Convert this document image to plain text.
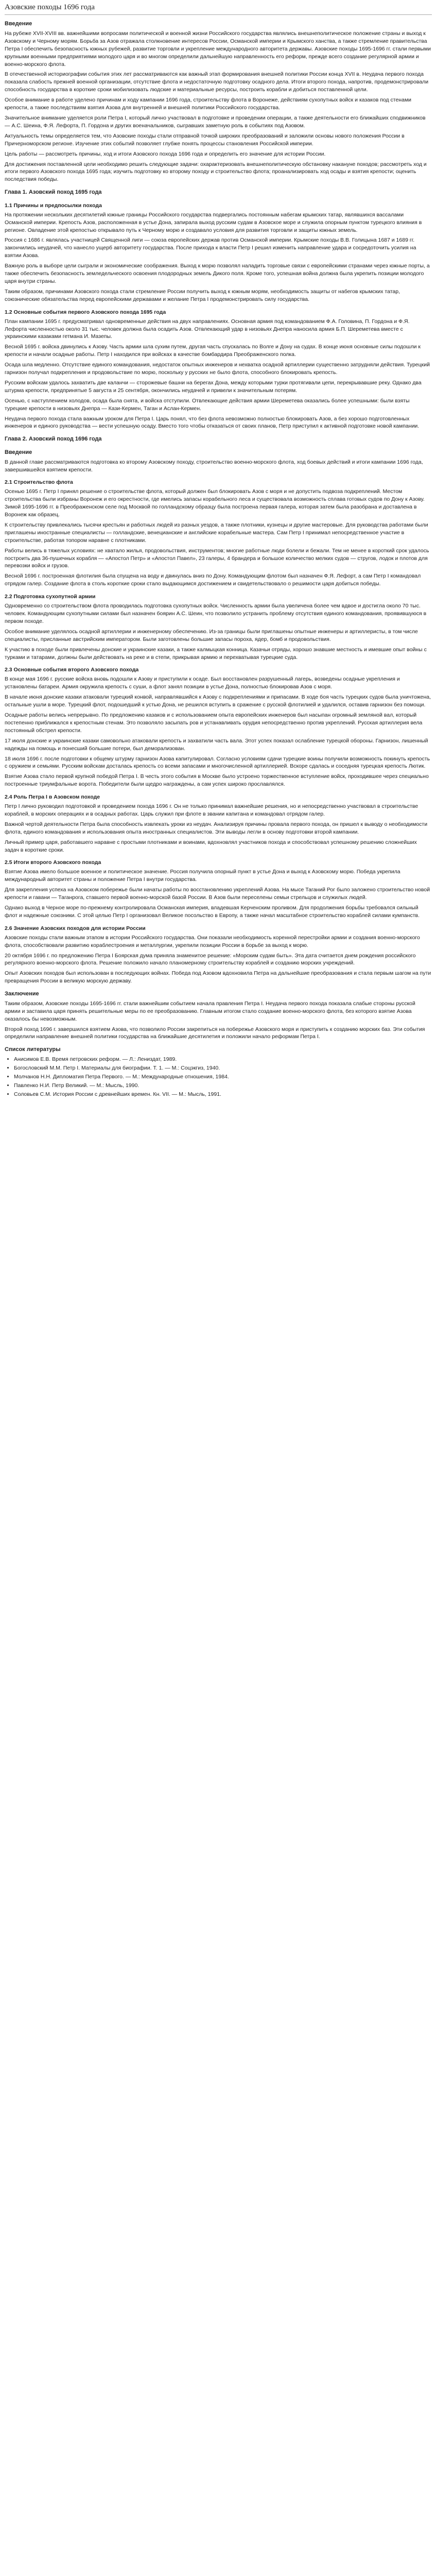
Азовские походы 1696 года
Введение

На рубеже XVII-XVIII вв. важнейшими вопросами политической и военной жизни Российского государства являлись внешнеполитическое положение страны и выход к Азовскому и Черному морям. Борьба за Азов отражала столкновение интересов России, Османской империи и Крымского ханства, а также стремление правительства Петра I обеспечить безопасность южных рубежей, развитие торговли и укрепление международного авторитета державы. Азовские походы 1695-1696 гг. стали первыми крупными военными предприятиями молодого царя и во многом определили дальнейшую направленность его реформ, прежде всего создание регулярной армии и военно-морского флота.

В отечественной историографии события этих лет рассматриваются как важный этап формирования внешней политики России конца XVII в. Неудача первого похода показала слабость прежней военной организации, отсутствие флота и недостаточную подготовку осадного дела. Итоги второго похода, напротив, продемонстрировали способность государства в короткие сроки мобилизовать людские и материальные ресурсы, построить корабли и добиться поставленной цели.

Особое внимание в работе уделено причинам и ходу кампании 1696 года, строительству флота в Воронеже, действиям сухопутных войск и казаков под стенами крепости, а также последствиям взятия Азова для внутренней и внешней политики Российского государства.

Значительное внимание уделяется роли Петра I, который лично участвовал в подготовке и проведении операции, а также деятельности его ближайших сподвижников — А.С. Шеина, Ф.Я. Лефорта, П. Гордона и других военачальников, сыгравших заметную роль в событиях под Азовом.

Актуальность темы определяется тем, что Азовские походы стали отправной точкой широких преобразований и заложили основы нового положения России в Причерноморском регионе. Изучение этих событий позволяет глубже понять процессы становления Российской империи.

Цель работы — рассмотреть причины, ход и итоги Азовского похода 1696 года и определить его значение для истории России.

Для достижения поставленной цели необходимо решить следующие задачи: охарактеризовать внешнеполитическую обстановку накануне походов; рассмотреть ход и итоги первого Азовского похода 1695 года; изучить подготовку ко второму походу и строительство флота; проанализировать ход осады и взятия крепости; оценить последствия победы.

Глава 1. Азовский поход 1695 года
1.1 Причины и предпосылки похода

На протяжении нескольких десятилетий южные границы Российского государства подвергались постоянным набегам крымских татар, являвшихся вассалами Османской империи. Крепость Азов, расположенная в устье Дона, запирала выход русским судам в Азовское море и служила опорным пунктом турецкого влияния в регионе. Овладение этой крепостью открывало путь к Черному морю и создавало условия для развития торговли и защиты южных земель.

Россия с 1686 г. являлась участницей Священной лиги — союза европейских держав против Османской империи. Крымские походы В.В. Голицына 1687 и 1689 гг. закончились неудачей, что нанесло ущерб авторитету государства. После прихода к власти Петр I решил изменить направление удара и сосредоточить усилия на взятии Азова.

Важную роль в выборе цели сыграли и экономические соображения. Выход к морю позволял наладить торговые связи с европейскими странами через южные порты, а также обеспечить безопасность земледельческого освоения плодородных земель Дикого поля. Кроме того, успешная война должна была укрепить позиции молодого царя внутри страны.

Таким образом, причинами Азовского похода стали стремление России получить выход к южным морям, необходимость защиты от набегов крымских татар, союзнические обязательства перед европейскими державами и желание Петра I продемонстрировать силу государства.

1.2 Основные события первого Азовского похода 1695 года

План кампании 1695 г. предусматривал одновременные действия на двух направлениях. Основная армия под командованием Ф.А. Головина, П. Гордона и Ф.Я. Лефорта численностью около 31 тыс. человек должна была осадить Азов. Отвлекающий удар в низовьях Днепра наносила армия Б.П. Шереметева вместе с украинскими казаками гетмана И. Мазепы.

Весной 1695 г. войска двинулись к Азову. Часть армии шла сухим путем, другая часть спускалась по Волге и Дону на судах. В конце июня основные силы подошли к крепости и начали осадные работы. Петр I находился при войсках в качестве бомбардира Преображенского полка.

Осада шла медленно. Отсутствие единого командования, недостаток опытных инженеров и нехватка осадной артиллерии существенно затрудняли действия. Турецкий гарнизон получал подкрепления и продовольствие по морю, поскольку у русских не было флота, способного блокировать крепость.

Русским войскам удалось захватить две каланчи — сторожевые башни на берегах Дона, между которыми турки протягивали цепи, перекрывавшие реку. Однако два штурма крепости, предпринятые 5 августа и 25 сентября, окончились неудачей и привели к значительным потерям.

Осенью, с наступлением холодов, осада была снята, и войска отступили. Отвлекающие действия армии Шереметева оказались более успешными: были взяты турецкие крепости в низовьях Днепра — Кази-Кермен, Таган и Аслан-Кермен.

Неудача первого похода стала важным уроком для Петра I. Царь понял, что без флота невозможно полностью блокировать Азов, а без хорошо подготовленных инженеров и единого руководства — вести успешную осаду. Вместо того чтобы отказаться от своих планов, Петр приступил к активной подготовке новой кампании.

Глава 2. Азовский поход 1696 года
Введение

В данной главе рассматриваются подготовка ко второму Азовскому походу, строительство военно-морского флота, ход боевых действий и итоги кампании 1696 года, завершившейся взятием крепости.

2.1 Строительство флота

Осенью 1695 г. Петр I принял решение о строительстве флота, который должен был блокировать Азов с моря и не допустить подвоза подкреплений. Местом строительства были избраны Воронеж и его окрестности, где имелись запасы корабельного леса и существовала возможность сплава готовых судов по Дону к Азову. Зимой 1695-1696 гг. в Преображенском селе под Москвой по голландскому образцу была построена первая галера, которая затем была разобрана и доставлена в Воронеж как образец.

К строительству привлекались тысячи крестьян и работных людей из разных уездов, а также плотники, кузнецы и другие мастеровые. Для руководства работами были приглашены иностранные специалисты — голландские, венецианские и английские корабельные мастера. Сам Петр I принимал непосредственное участие в строительстве, работая топором наравне с плотниками.

Работы велись в тяжелых условиях: не хватало жилья, продовольствия, инструментов; многие работные люди болели и бежали. Тем не менее в короткий срок удалось построить два 36-пушечных корабля — «Апостол Петр» и «Апостол Павел», 23 галеры, 4 брандера и большое количество мелких судов — стругов, лодок и плотов для перевозки войск и грузов.

Весной 1696 г. построенная флотилия была спущена на воду и двинулась вниз по Дону. Командующим флотом был назначен Ф.Я. Лефорт, а сам Петр I командовал отрядом галер. Создание флота в столь короткие сроки стало выдающимся достижением и свидетельствовало о решимости царя добиться победы.

2.2 Подготовка сухопутной армии

Одновременно со строительством флота проводилась подготовка сухопутных войск. Численность армии была увеличена более чем вдвое и достигла около 70 тыс. человек. Командующим сухопутными силами был назначен боярин А.С. Шеин, что позволило устранить проблему отсутствия единого командования, проявившуюся в первом походе.

Особое внимание уделялось осадной артиллерии и инженерному обеспечению. Из-за границы были приглашены опытные инженеры и артиллеристы, в том числе специалисты, присланные австрийским императором. Были заготовлены большие запасы пороха, ядер, бомб и продовольствия.

К участию в походе были привлечены донские и украинские казаки, а также калмыцкая конница. Казачьи отряды, хорошо знавшие местность и имевшие опыт войны с турками и татарами, должны были действовать на реке и в степи, прикрывая армию и перехватывая турецкие суда.

2.3 Основные события второго Азовского похода

В конце мая 1696 г. русские войска вновь подошли к Азову и приступили к осаде. Был восстановлен разрушенный лагерь, возведены осадные укрепления и установлены батареи. Армия окружила крепость с суши, а флот занял позиции в устье Дона, полностью блокировав Азов с моря.

В начале июня донские казаки атаковали турецкий конвой, направлявшийся к Азову с подкреплениями и припасами. В ходе боя часть турецких судов была уничтожена, остальные ушли в море. Турецкий флот, подошедший к устью Дона, не решился вступить в сражение с русской флотилией и удалился, оставив гарнизон без помощи.

Осадные работы велись непрерывно. По предложению казаков и с использованием опыта европейских инженеров был насыпан огромный земляной вал, который постепенно приближался к крепостным стенам. Это позволяло засыпать ров и устанавливать орудия непосредственно против укреплений. Русская артиллерия вела постоянный обстрел крепости.

17 июля донские и украинские казаки самовольно атаковали крепость и захватили часть вала. Этот успех показал ослабление турецкой обороны. Гарнизон, лишенный надежды на помощь и понесший большие потери, был деморализован.

18 июля 1696 г. после подготовки к общему штурму гарнизон Азова капитулировал. Согласно условиям сдачи турецкие воины получили возможность покинуть крепость с оружием и семьями. Русским войскам досталась крепость со всеми запасами и многочисленной артиллерией. Вскоре сдалась и соседняя турецкая крепость Лютик.

Взятие Азова стало первой крупной победой Петра I. В честь этого события в Москве было устроено торжественное вступление войск, проходившее через специально построенные триумфальные ворота. Победители были щедро награждены, а сам успех широко прославлялся.

2.4 Роль Петра I в Азовском походе

Петр I лично руководил подготовкой и проведением похода 1696 г. Он не только принимал важнейшие решения, но и непосредственно участвовал в строительстве кораблей, в морских операциях и в осадных работах. Царь служил при флоте в звании капитана и командовал отрядом галер.

Важной чертой деятельности Петра была способность извлекать уроки из неудач. Анализируя причины провала первого похода, он пришел к выводу о необходимости флота, единого командования и использования опыта иностранных специалистов. Эти выводы легли в основу подготовки второй кампании.

Личный пример царя, работавшего наравне с простыми плотниками и воинами, вдохновлял участников похода и способствовал успешному решению сложнейших задач в короткие сроки.

2.5 Итоги второго Азовского похода

Взятие Азова имело большое военное и политическое значение. Россия получила опорный пункт в устье Дона и выход к Азовскому морю. Победа укрепила международный авторитет страны и положение Петра I внутри государства.

Для закрепления успеха на Азовском побережье были начаты работы по восстановлению укреплений Азова. На мысе Таганий Рог было заложено строительство новой крепости и гавани — Таганрога, ставшего первой военно-морской базой России. В Азов были переселены семьи стрельцов и служилых людей.

Однако выход в Черное море по-прежнему контролировала Османская империя, владевшая Керченским проливом. Для продолжения борьбы требовался сильный флот и надежные союзники. С этой целью Петр I организовал Великое посольство в Европу, а также начал масштабное строительство кораблей силами кумпанств.

2.6 Значение Азовских походов для истории России

Азовские походы стали важным этапом в истории Российского государства. Они показали необходимость коренной перестройки армии и создания военно-морского флота, способствовали развитию кораблестроения и металлургии, укрепили позиции России в борьбе за выход к морю.

20 октября 1696 г. по предложению Петра I Боярская дума приняла знаменитое решение: «Морским судам быть». Эта дата считается днем рождения российского регулярного военно-морского флота. Решение положило начало планомерному строительству кораблей и созданию морских учреждений.

Опыт Азовских походов был использован в последующих войнах. Победа под Азовом вдохновила Петра на дальнейшие преобразования и стала первым шагом на пути превращения России в великую морскую державу.

Заключение

Таким образом, Азовские походы 1695-1696 гг. стали важнейшим событием начала правления Петра I. Неудача первого похода показала слабые стороны русской армии и заставила царя принять решительные меры по ее преобразованию. Главным итогом стало создание военно-морского флота, без которого взятие Азова оказалось бы невозможным.

Второй поход 1696 г. завершился взятием Азова, что позволило России закрепиться на побережье Азовского моря и приступить к созданию морских баз. Эти события определили направление внешней политики государства на ближайшие десятилетия и положили начало реформам Петра I.

Список литературы
• Анисимов Е.В. Время петровских реформ. — Л.: Лениздат, 1989.
• Богословский М.М. Петр I. Материалы для биографии. Т. 1. — М.: Соцэкгиз, 1940.
• Молчанов Н.Н. Дипломатия Петра Первого. — М.: Международные отношения, 1984.
• Павленко Н.И. Петр Великий. — М.: Мысль, 1990.
• Соловьев С.М. История России с древнейших времен. Кн. VII. — М.: Мысль, 1991.
